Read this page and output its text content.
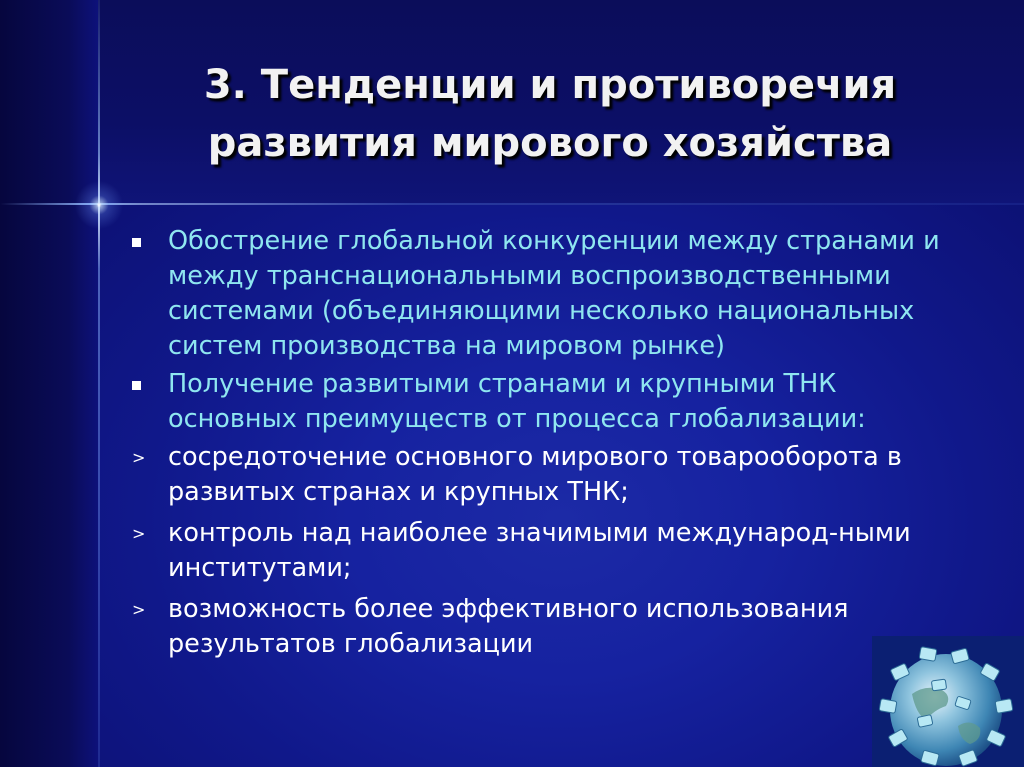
3. Тенденции и противоречия
развития мирового хозяйства
Обострение глобальной конкуренции между странами и
между транснациональными воспроизводственными
системами (объединяющими несколько национальных
систем производства на мировом рынке)
Получение развитыми странами и крупными ТНК
основных преимуществ от процесса глобализации:
> сосредоточение основного мирового товарооборота в
развитых странах и крупных ТНК;
> контроль над наиболее значимыми международ-ными
институтами;
> возможность более эффективного использования
результатов глобализации
